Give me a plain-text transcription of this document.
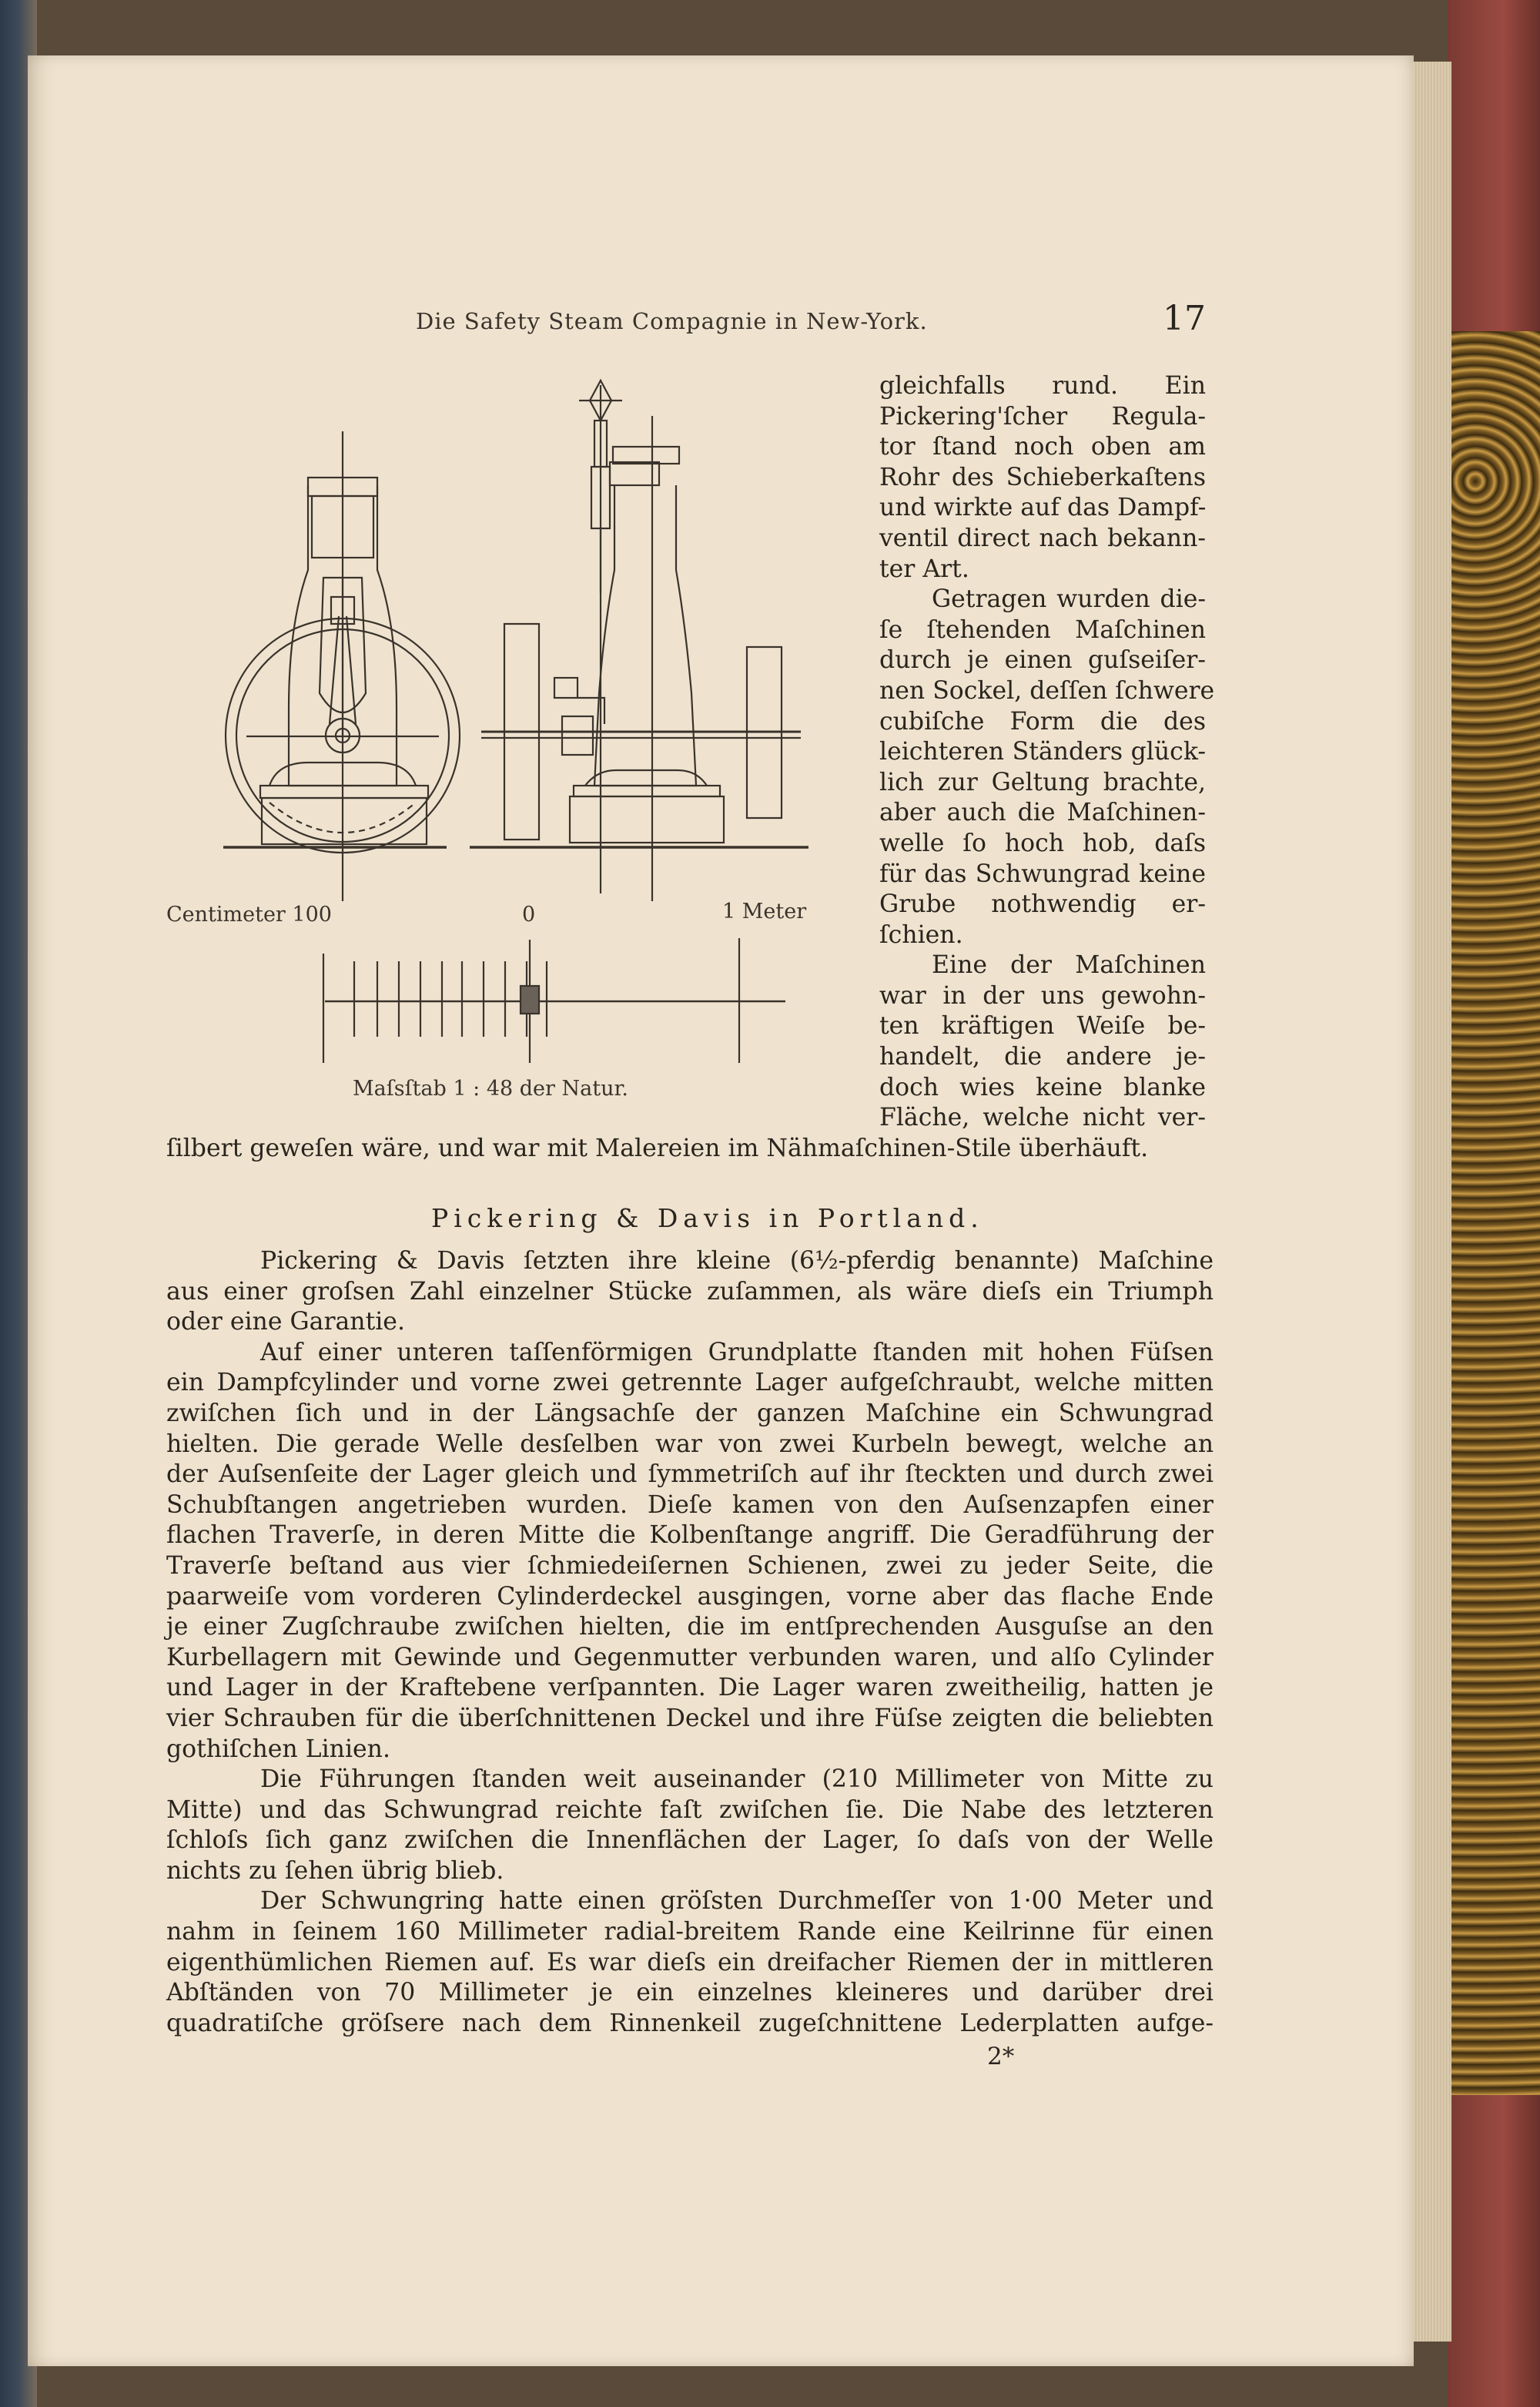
Die Safety Steam Compagnie in New-York.	17
Centimeter 100	0	1 Meter
Maſsſtab 1 : 48 der Natur.
gleichfalls rund. Ein
Pickering'ſcher Regula-
tor ſtand noch oben am
Rohr des Schieberkaſtens
und wirkte auf das Dampf-
ventil direct nach bekann-
ter Art.
Getragen wurden die-
ſe ſtehenden Maſchinen
durch je einen guſseiſer-
nen Sockel, deſſen ſchwere
cubiſche Form die des
leichteren Ständers glück-
lich zur Geltung brachte,
aber auch die Maſchinen-
welle ſo hoch hob, daſs
für das Schwungrad keine
Grube nothwendig er-
ſchien.
Eine der Maſchinen
war in der uns gewohn-
ten kräftigen Weiſe be-
handelt, die andere je-
doch wies keine blanke
Fläche, welche nicht ver-
ſilbert geweſen wäre, und war mit Malereien im Nähmaſchinen-Stile überhäuft.
Pickering & Davis in Portland.
Pickering & Davis ſetzten ihre kleine (6½-pferdig benannte) Maſchine
aus einer groſsen Zahl einzelner Stücke zuſammen, als wäre dieſs ein Triumph
oder eine Garantie.
Auf einer unteren taſſenförmigen Grundplatte ſtanden mit hohen Füſsen
ein Dampfcylinder und vorne zwei getrennte Lager aufgeſchraubt, welche mitten
zwiſchen ſich und in der Längsachſe der ganzen Maſchine ein Schwungrad
hielten. Die gerade Welle desſelben war von zwei Kurbeln bewegt, welche an
der Auſsenſeite der Lager gleich und ſymmetriſch auf ihr ſteckten und durch zwei
Schubſtangen angetrieben wurden. Dieſe kamen von den Auſsenzapfen einer
flachen Traverſe, in deren Mitte die Kolbenſtange angriff. Die Geradführung der
Traverſe beſtand aus vier ſchmiedeiſernen Schienen, zwei zu jeder Seite, die
paarweiſe vom vorderen Cylinderdeckel ausgingen, vorne aber das flache Ende
je einer Zugſchraube zwiſchen hielten, die im entſprechenden Ausguſse an den
Kurbellagern mit Gewinde und Gegenmutter verbunden waren, und alſo Cylinder
und Lager in der Kraftebene verſpannten. Die Lager waren zweitheilig, hatten je
vier Schrauben für die überſchnittenen Deckel und ihre Füſse zeigten die beliebten
gothiſchen Linien.
Die Führungen ſtanden weit auseinander (210 Millimeter von Mitte zu
Mitte) und das Schwungrad reichte faſt zwiſchen ſie. Die Nabe des letzteren
ſchloſs ſich ganz zwiſchen die Innenflächen der Lager, ſo daſs von der Welle
nichts zu ſehen übrig blieb.
Der Schwungring hatte einen gröſsten Durchmeſſer von 1·00 Meter und
nahm in ſeinem 160 Millimeter radial-breitem Rande eine Keilrinne für einen
eigenthümlichen Riemen auf. Es war dieſs ein dreifacher Riemen der in mittleren
Abſtänden von 70 Millimeter je ein einzelnes kleineres und darüber drei
quadratiſche gröſsere nach dem Rinnenkeil zugeſchnittene Lederplatten aufge-
2*
